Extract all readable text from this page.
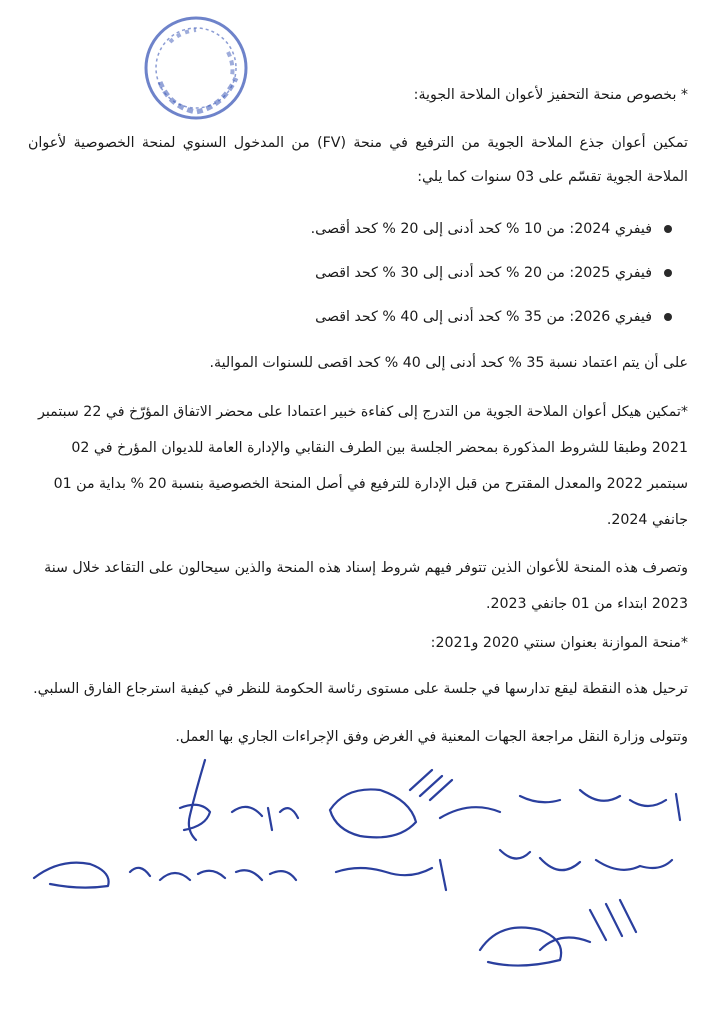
* بخصوص منحة التحفيز لأعوان الملاحة الجوية:
تمكين أعوان جذع الملاحة الجوية من الترفيع في منحة (FV) من المدخول السنوي لمنحة الخصوصية لأعوان الملاحة الجوية تقسّم على 03 سنوات كما يلي:
فيفري 2024: من 10 % كحد أدنى إلى 20 % كحد أقصى.
فيفري 2025: من 20 % كحد أدنى إلى 30 % كحد اقصى
فيفري 2026: من 35 % كحد أدنى إلى 40 % كحد اقصى
على أن يتم اعتماد نسبة 35 % كحد أدنى إلى 40 % كحد اقصى للسنوات الموالية.
*تمكين هيكل أعوان الملاحة الجوية من التدرج إلى كفاءة خبير اعتمادا على محضر الاتفاق المؤرّخ في 22 سبتمبر 2021 وطبقا للشروط المذكورة بمحضر الجلسة بين الطرف النقابي والإدارة العامة للديوان المؤرخ في 02 سبتمبر 2022 والمعدل المقترح من قبل الإدارة للترفيع في أصل المنحة الخصوصية بنسبة 20 % بداية من 01 جانفي 2024.
وتصرف هذه المنحة للأعوان الذين تتوفر فيهم شروط إسناد هذه المنحة والذين سيحالون على التقاعد خلال سنة 2023 ابتداء من 01 جانفي 2023.
*منحة الموازنة بعنوان سنتي 2020 و2021:
ترحيل هذه النقطة ليقع تدارسها في جلسة على مستوى رئاسة الحكومة للنظر في كيفية استرجاع الفارق السلبي.
وتتولى وزارة النقل مراجعة الجهات المعنية في الغرض وفق الإجراءات الجاري بها العمل.
